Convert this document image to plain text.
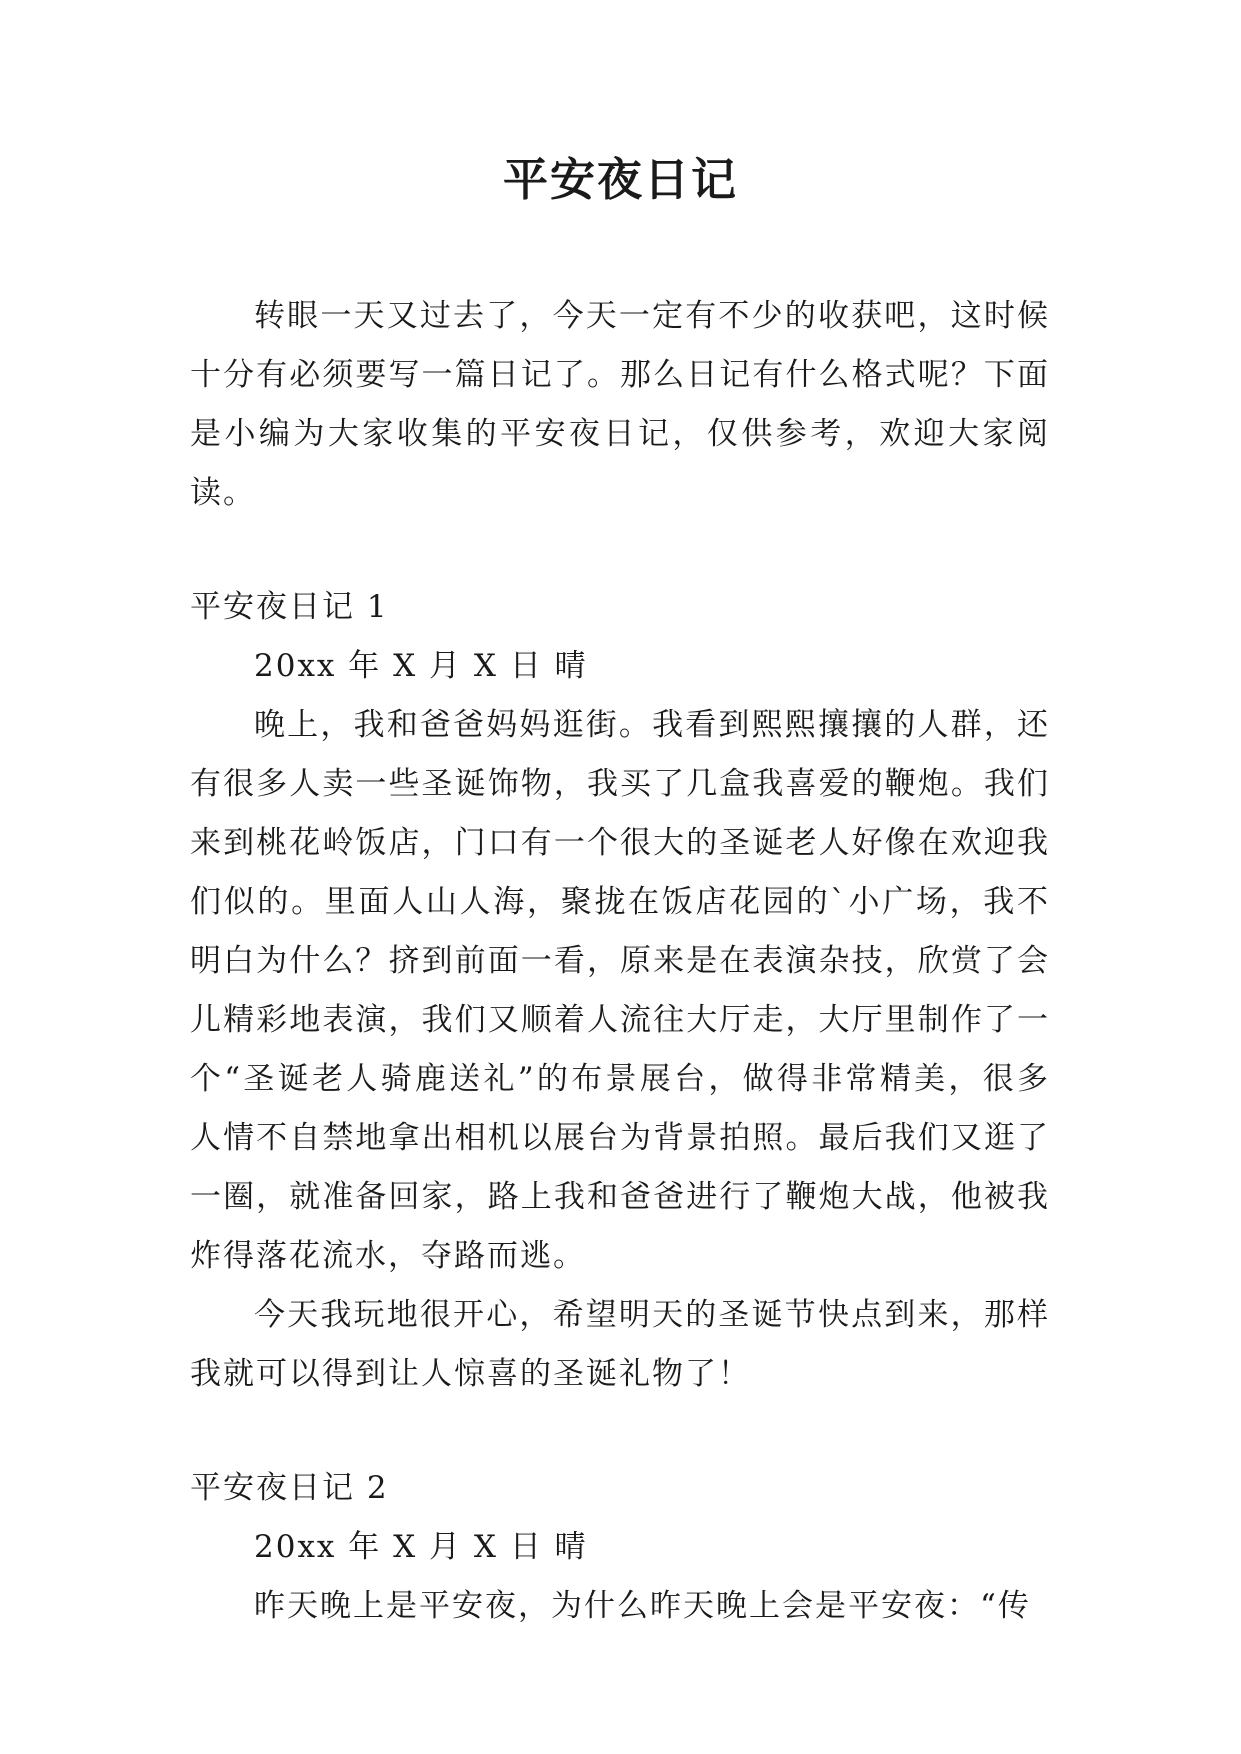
平安夜日记

转眼一天又过去了，今天一定有不少的收获吧，这时候十分有必须要写一篇日记了。那么日记有什么格式呢？下面是小编为大家收集的平安夜日记，仅供参考，欢迎大家阅读。

平安夜日记 1

20xx 年 X 月 X 日 晴

晚上，我和爸爸妈妈逛街。我看到熙熙攘攘的人群，还有很多人卖一些圣诞饰物，我买了几盒我喜爱的鞭炮。我们来到桃花岭饭店，门口有一个很大的圣诞老人好像在欢迎我们似的。里面人山人海，聚拢在饭店花园的`小广场，我不明白为什么？挤到前面一看，原来是在表演杂技，欣赏了会儿精彩地表演，我们又顺着人流往大厅走，大厅里制作了一个“圣诞老人骑鹿送礼”的布景展台，做得非常精美，很多人情不自禁地拿出相机以展台为背景拍照。最后我们又逛了一圈，就准备回家，路上我和爸爸进行了鞭炮大战，他被我炸得落花流水，夺路而逃。

今天我玩地很开心，希望明天的圣诞节快点到来，那样我就可以得到让人惊喜的圣诞礼物了！

平安夜日记 2

20xx 年 X 月 X 日 晴

昨天晚上是平安夜，为什么昨天晚上会是平安夜：“传
